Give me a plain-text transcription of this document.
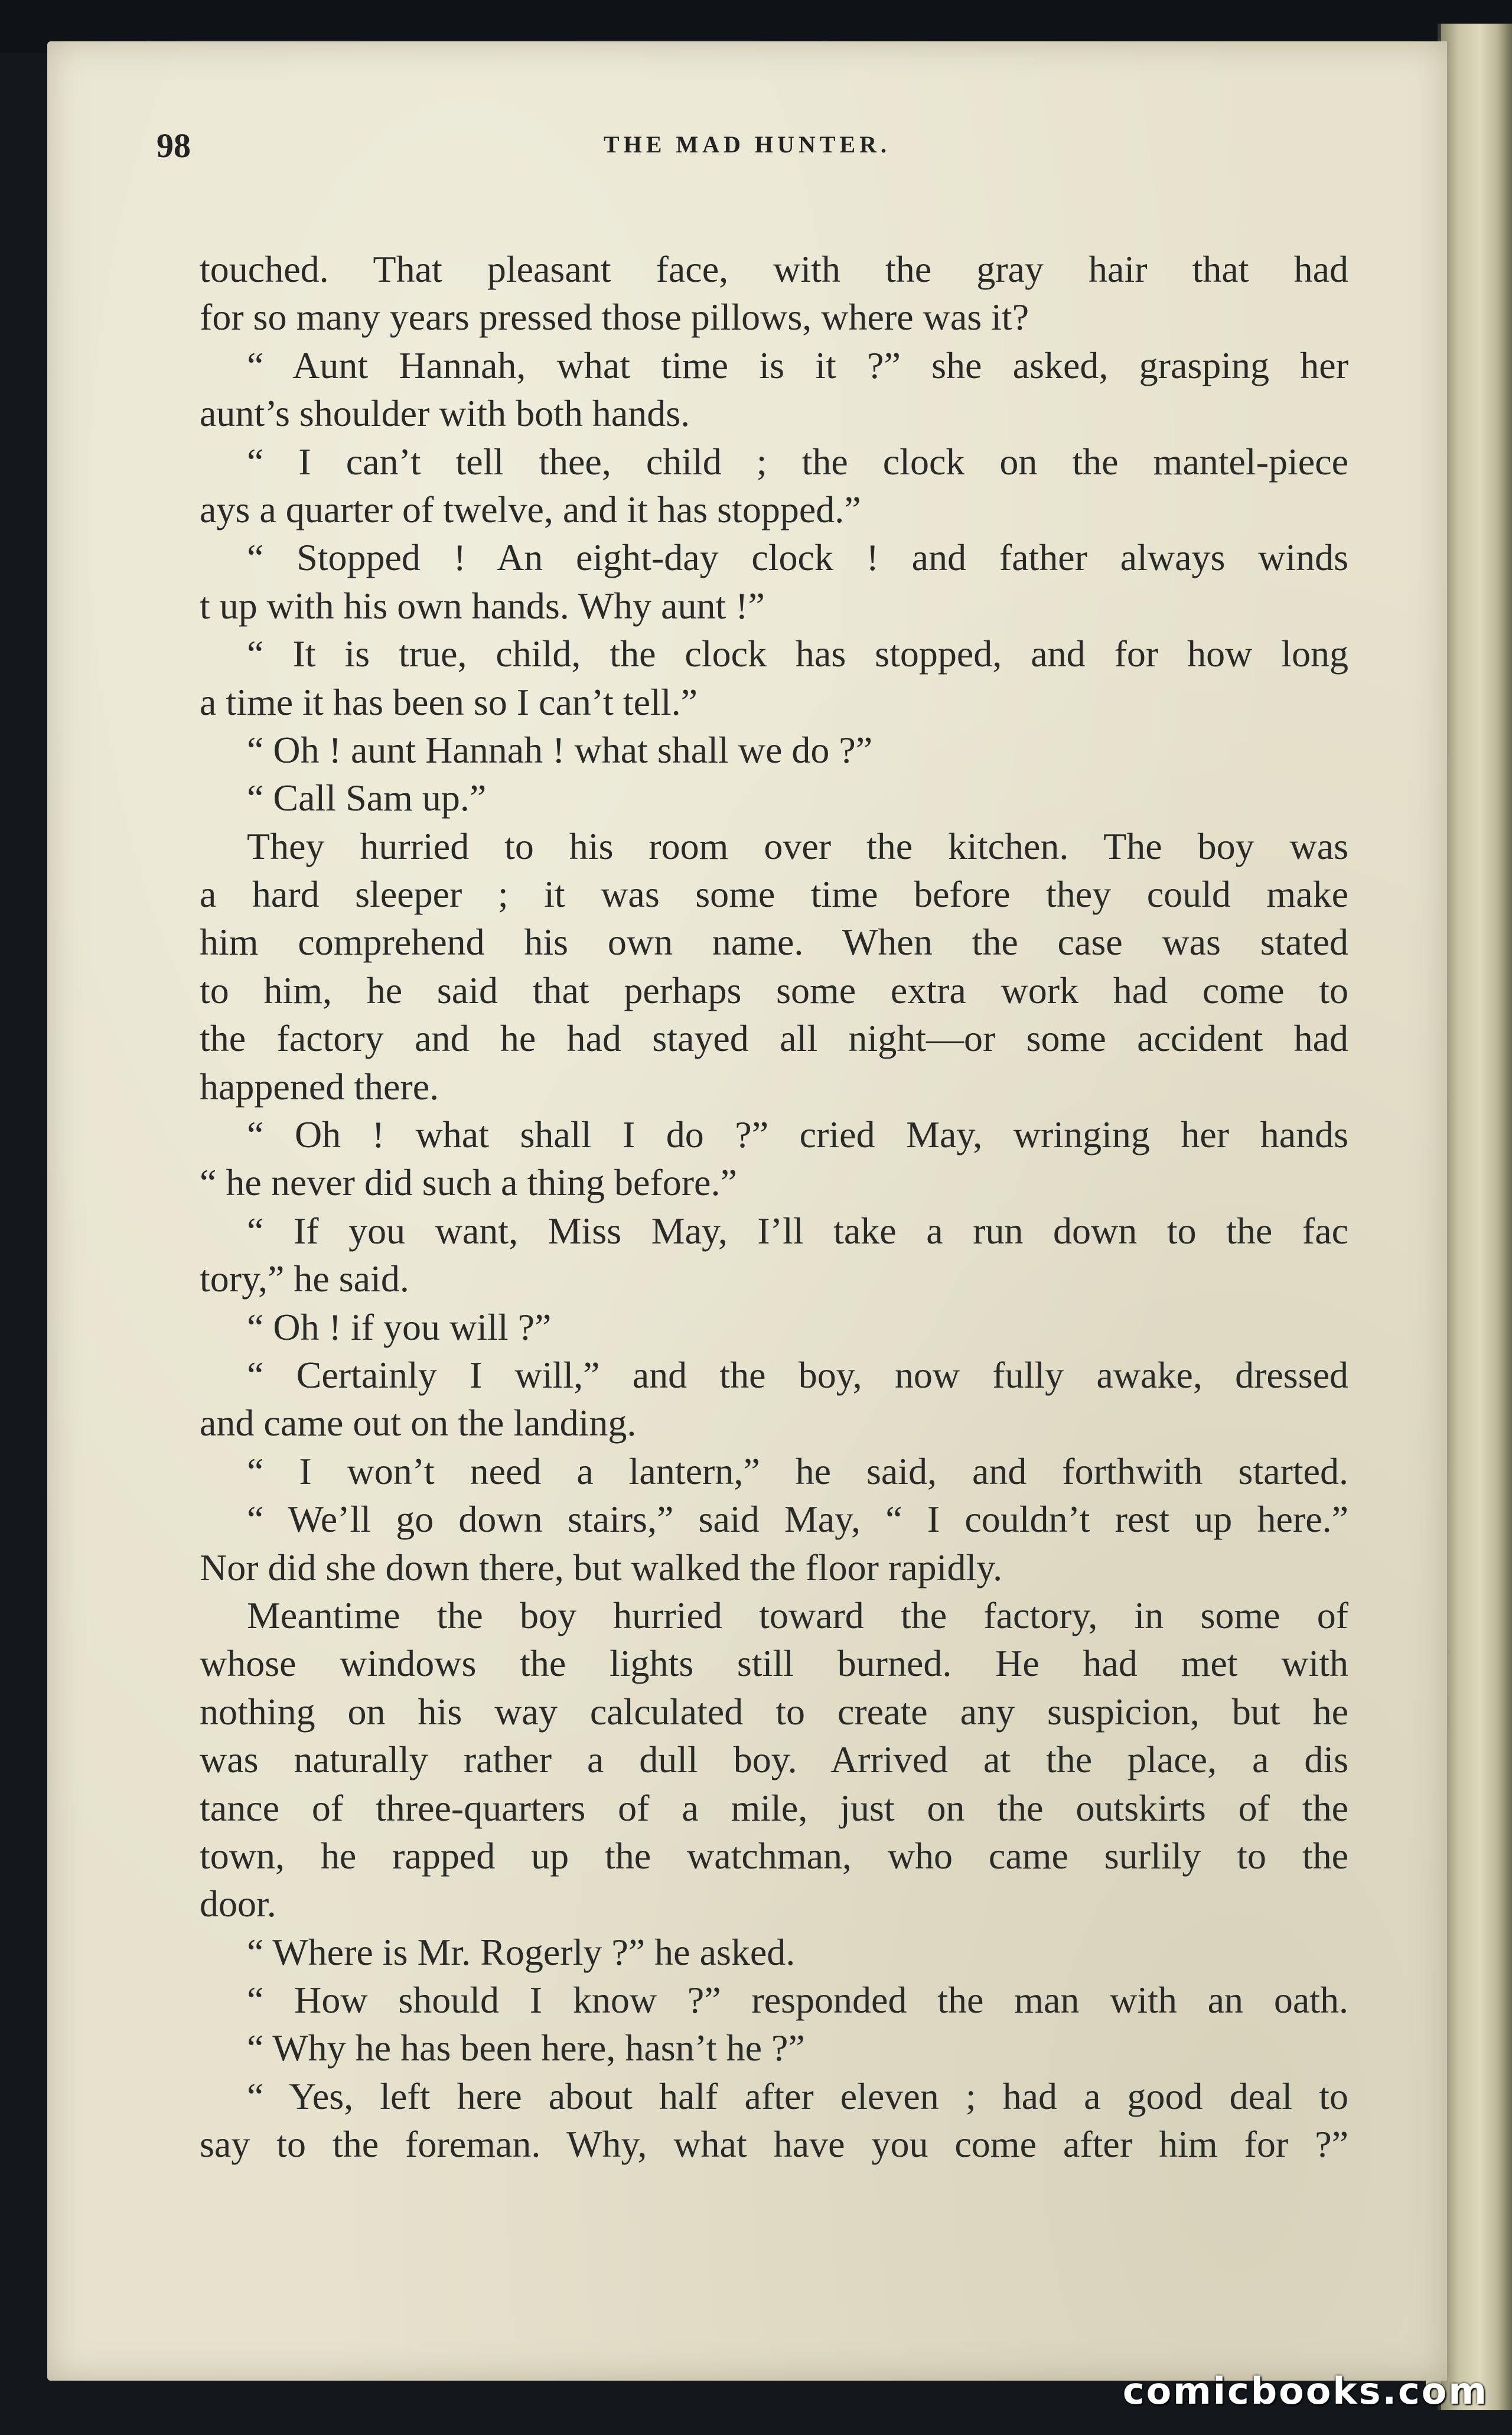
98	THE MAD HUNTER.
touched. That pleasant face, with the gray hair that had
for so many years pressed those pillows, where was it?
“ Aunt Hannah, what time is it ?” she asked, grasping her
aunt’s shoulder with both hands.
“ I can’t tell thee, child ; the clock on the mantel-piece
ays a quarter of twelve, and it has stopped.”
“ Stopped ! An eight-day clock ! and father always winds
t up with his own hands. Why aunt !”
“ It is true, child, the clock has stopped, and for how long
a time it has been so I can’t tell.”
“ Oh ! aunt Hannah ! what shall we do ?”
“ Call Sam up.”
They hurried to his room over the kitchen. The boy was
a hard sleeper ; it was some time before they could make
him comprehend his own name. When the case was stated
to him, he said that perhaps some extra work had come to
the factory and he had stayed all night—or some accident had
happened there.
“ Oh ! what shall I do ?” cried May, wringing her hands
“ he never did such a thing before.”
“ If you want, Miss May, I’ll take a run down to the fac
tory,” he said.
“ Oh ! if you will ?”
“ Certainly I will,” and the boy, now fully awake, dressed
and came out on the landing.
“ I won’t need a lantern,” he said, and forthwith started.
“ We’ll go down stairs,” said May, “ I couldn’t rest up here.”
Nor did she down there, but walked the floor rapidly.
Meantime the boy hurried toward the factory, in some of
whose windows the lights still burned. He had met with
nothing on his way calculated to create any suspicion, but he
was naturally rather a dull boy. Arrived at the place, a dis
tance of three-quarters of a mile, just on the outskirts of the
town, he rapped up the watchman, who came surlily to the
door.
“ Where is Mr. Rogerly ?” he asked.
“ How should I know ?” responded the man with an oath.
“ Why he has been here, hasn’t he ?”
“ Yes, left here about half after eleven ; had a good deal to
say to the foreman. Why, what have you come after him for ?”
comicbooks.com
